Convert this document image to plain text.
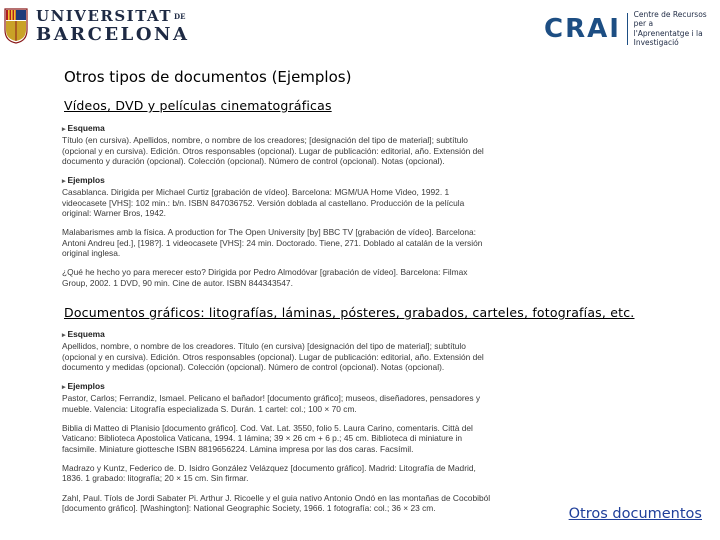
UNIVERSITAT DE
BARCELONA	CRAI Centre de Recursos per a
l'Aprenentatge i la Investigació
Otros tipos de documentos (Ejemplos)
Vídeos, DVD y películas cinematográficas

▸ Esquema

Título (en cursiva). Apellidos, nombre, o nombre de los creadores; [designación del tipo de material]; subtítulo (opcional y en cursiva). Edición. Otros responsables (opcional). Lugar de publicación: editorial, año. Extensión del documento y duración (opcional). Colección (opcional). Número de control (opcional). Notas (opcional).

▸ Ejemplos

Casablanca. Dirigida per Michael Curtiz [grabación de vídeo]. Barcelona: MGM/UA Home Video, 1992. 1 videocasete [VHS]: 102 min.: b/n. ISBN 847036752. Versión doblada al castellano. Producción de la película original: Warner Bros, 1942.

Malabarismes amb la física. A production for The Open University [by] BBC TV [grabación de vídeo]. Barcelona: Antoni Andreu [ed.], [198?]. 1 videocasete [VHS]: 24 min. Doctorado. Tiene, 271. Doblado al catalán de la versión original inglesa.

¿Qué he hecho yo para merecer esto? Dirigida por Pedro Almodóvar [grabación de vídeo]. Barcelona: Filmax Group, 2002. 1 DVD, 90 min. Cine de autor. ISBN 844343547.

Documentos gráficos: litografías, láminas, pósteres, grabados, carteles, fotografías, etc.

▸ Esquema

Apellidos, nombre, o nombre de los creadores. Título (en cursiva) [designación del tipo de material]; subtítulo (opcional y en cursiva). Edición. Otros responsables (opcional). Lugar de publicación: editorial, año. Extensión del documento y medidas (opcional). Colección (opcional). Número de control (opcional). Notas (opcional).

▸ Ejemplos

Pastor, Carlos; Ferrandiz, Ismael. Pelicano el bañador! [documento gráfico]; museos, diseñadores, pensadores y mueble. Valencia: Litografía especializada S. Durán. 1 cartel: col.; 100 × 70 cm.

Biblia di Matteo di Planisio [documento gráfico]. Cod. Vat. Lat. 3550, folio 5. Laura Carino, comentaris. Città del Vaticano: Biblioteca Apostolica Vaticana, 1994. 1 lámina; 39 × 26 cm + 6 p.; 45 cm. Biblioteca di miniature in facsimile. Miniature giottesche ISBN 8819656224. Lámina impresa por las dos caras. Facsímil.

Madrazo y Kuntz, Federico de. D. Isidro González Velázquez [documento gráfico]. Madrid: Litografía de Madrid, 1836. 1 grabado: litografía; 20 × 15 cm. Sin firmar.

Zahl, Paul. Tíols de Jordi Sabater Pi. Arthur J. Ricoelle y el guia nativo Antonio Ondó en las montañas de Cocobiból [documento gráfico]. [Washington]: National Geographic Society, 1966. 1 fotografía: col.; 36 × 23 cm.	Otros documentos
